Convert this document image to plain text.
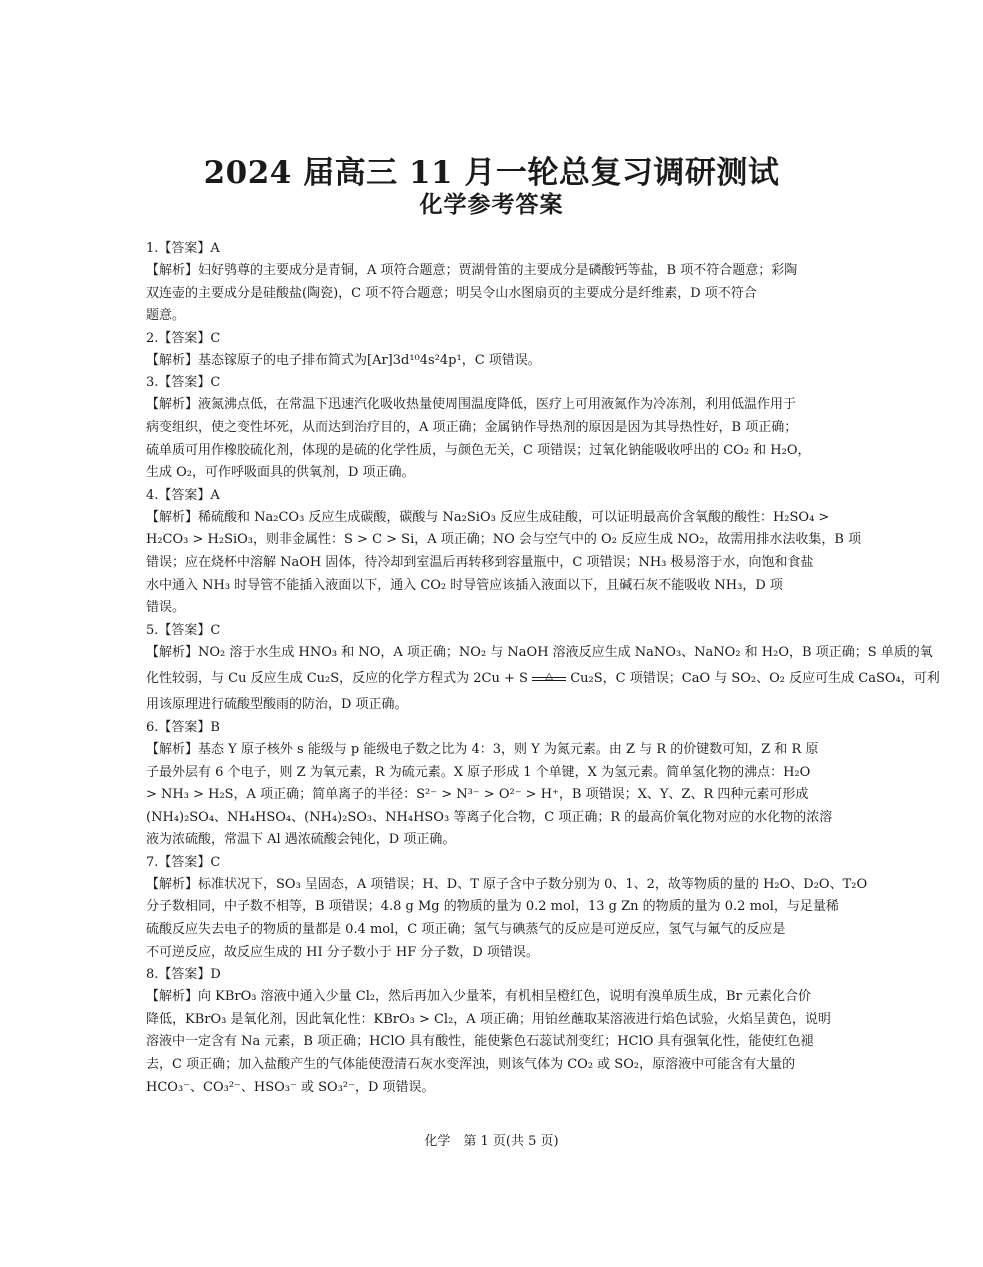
2024 届高三 11 月一轮总复习调研测试
化学参考答案
1.【答案】A
【解析】妇好鸮尊的主要成分是青铜，A 项符合题意；贾湖骨笛的主要成分是磷酸钙等盐，B 项不符合题意；彩陶
双连壶的主要成分是硅酸盐(陶瓷)，C 项不符合题意；明吴令山水图扇页的主要成分是纤维素，D 项不符合
题意。
2.【答案】C
【解析】基态镓原子的电子排布简式为[Ar]3d¹⁰4s²4p¹，C 项错误。
3.【答案】C
【解析】液氮沸点低，在常温下迅速汽化吸收热量使周围温度降低，医疗上可用液氮作为冷冻剂，利用低温作用于
病变组织，使之变性坏死，从而达到治疗目的，A 项正确；金属钠作导热剂的原因是因为其导热性好，B 项正确；
硫单质可用作橡胶硫化剂，体现的是硫的化学性质，与颜色无关，C 项错误；过氧化钠能吸收呼出的 CO₂ 和 H₂O，
生成 O₂，可作呼吸面具的供氧剂，D 项正确。
4.【答案】A
【解析】稀硫酸和 Na₂CO₃ 反应生成碳酸，碳酸与 Na₂SiO₃ 反应生成硅酸，可以证明最高价含氧酸的酸性：H₂SO₄ >
H₂CO₃ > H₂SiO₃，则非金属性：S > C > Si，A 项正确；NO 会与空气中的 O₂ 反应生成 NO₂，故需用排水法收集，B 项
错误；应在烧杯中溶解 NaOH 固体，待冷却到室温后再转移到容量瓶中，C 项错误；NH₃ 极易溶于水，向饱和食盐
水中通入 NH₃ 时导管不能插入液面以下，通入 CO₂ 时导管应该插入液面以下，且碱石灰不能吸收 NH₃，D 项
错误。
5.【答案】C
【解析】NO₂ 溶于水生成 HNO₃ 和 NO，A 项正确；NO₂ 与 NaOH 溶液反应生成 NaNO₃、NaNO₂ 和 H₂O，B 项正确；S 单质的氧
化性较弱，与 Cu 反应生成 Cu₂S，反应的化学方程式为 2Cu + S	△	Cu₂S，C 项错误；CaO 与 SO₂、O₂ 反应可生成 CaSO₄，可利
用该原理进行硫酸型酸雨的防治，D 项正确。
6.【答案】B
【解析】基态 Y 原子核外 s 能级与 p 能级电子数之比为 4：3，则 Y 为氮元素。由 Z 与 R 的价键数可知，Z 和 R 原
子最外层有 6 个电子，则 Z 为氧元素，R 为硫元素。X 原子形成 1 个单键，X 为氢元素。简单氢化物的沸点：H₂O
> NH₃ > H₂S，A 项正确；简单离子的半径：S²⁻ > N³⁻ > O²⁻ > H⁺，B 项错误；X、Y、Z、R 四种元素可形成
(NH₄)₂SO₄、NH₄HSO₄、(NH₄)₂SO₃、NH₄HSO₃ 等离子化合物，C 项正确；R 的最高价氧化物对应的水化物的浓溶
液为浓硫酸，常温下 Al 遇浓硫酸会钝化，D 项正确。
7.【答案】C
【解析】标准状况下，SO₃ 呈固态，A 项错误；H、D、T 原子含中子数分别为 0、1、2，故等物质的量的 H₂O、D₂O、T₂O
分子数相同，中子数不相等，B 项错误；4.8 g Mg 的物质的量为 0.2 mol，13 g Zn 的物质的量为 0.2 mol，与足量稀
硫酸反应失去电子的物质的量都是 0.4 mol，C 项正确；氢气与碘蒸气的反应是可逆反应，氢气与氟气的反应是
不可逆反应，故反应生成的 HI 分子数小于 HF 分子数，D 项错误。
8.【答案】D
【解析】向 KBrO₃ 溶液中通入少量 Cl₂，然后再加入少量苯，有机相呈橙红色，说明有溴单质生成，Br 元素化合价
降低，KBrO₃ 是氧化剂，因此氧化性：KBrO₃ > Cl₂，A 项正确；用铂丝蘸取某溶液进行焰色试验，火焰呈黄色，说明
溶液中一定含有 Na 元素，B 项正确；HClO 具有酸性，能使紫色石蕊试剂变红；HClO 具有强氧化性，能使红色褪
去，C 项正确；加入盐酸产生的气体能使澄清石灰水变浑浊，则该气体为 CO₂ 或 SO₂，原溶液中可能含有大量的
HCO₃⁻、CO₃²⁻、HSO₃⁻ 或 SO₃²⁻，D 项错误。
化学　第 1 页(共 5 页)
